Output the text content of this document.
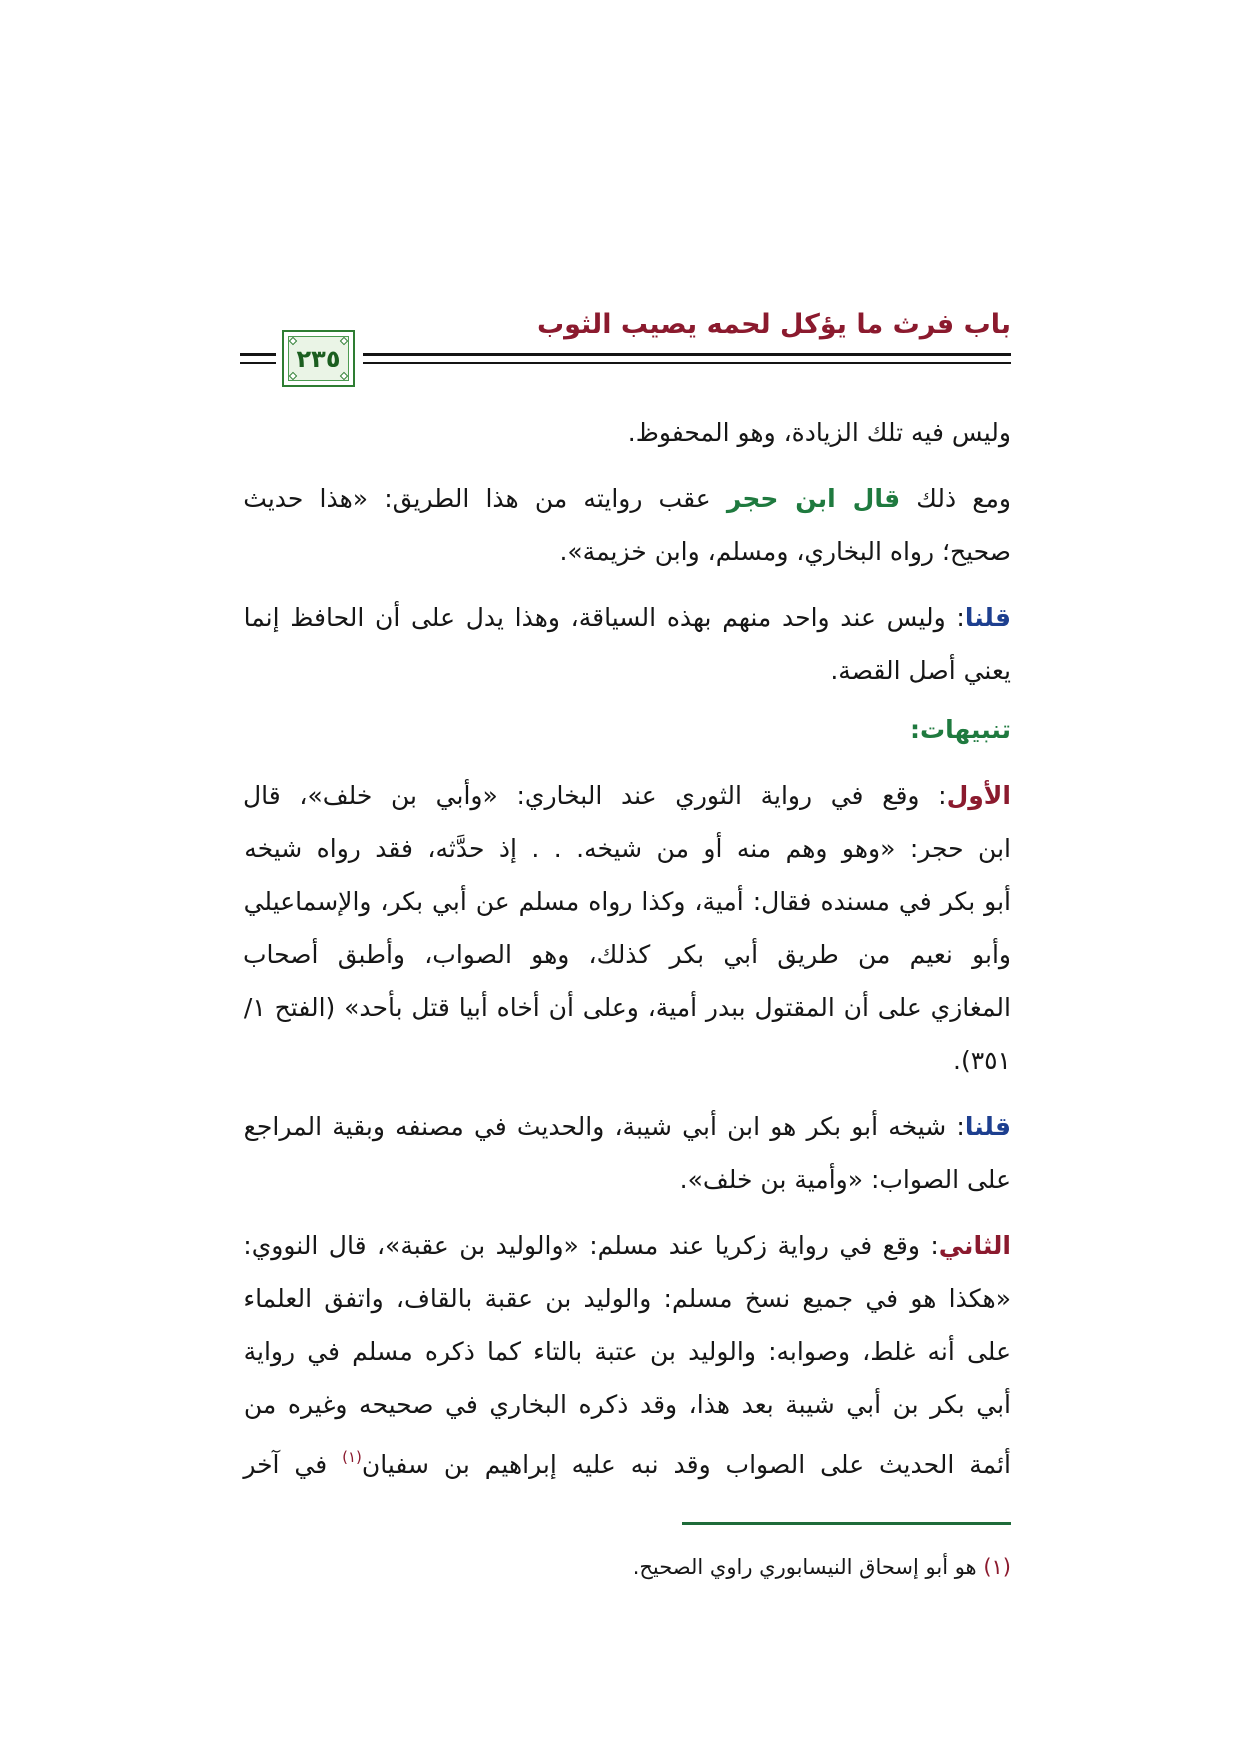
باب فرث ما يؤكل لحمه يصيب الثوب
٢٣٥
وليس فيه تلك الزيادة، وهو المحفوظ.
ومع ذلك قال ابن حجر عقب روايته من هذا الطريق: «هذا حديث
صحيح؛ رواه البخاري، ومسلم، وابن خزيمة».
قلنا: وليس عند واحد منهم بهذه السياقة، وهذا يدل على أن الحافظ إنما
يعني أصل القصة.
تنبيهات:
الأول: وقع في رواية الثوري عند البخاري: «وأبي بن خلف»، قال
ابن حجر: «وهو وهم منه أو من شيخه. . . إذ حدَّثه، فقد رواه شيخه
أبو بكر في مسنده فقال: أمية، وكذا رواه مسلم عن أبي بكر، والإسماعيلي
وأبو نعيم من طريق أبي بكر كذلك، وهو الصواب، وأطبق أصحاب
المغازي على أن المقتول ببدر أمية، وعلى أن أخاه أبيا قتل بأحد» (الفتح ١/
٣٥١).
قلنا: شيخه أبو بكر هو ابن أبي شيبة، والحديث في مصنفه وبقية المراجع
على الصواب: «وأمية بن خلف».
الثاني: وقع في رواية زكريا عند مسلم: «والوليد بن عقبة»، قال النووي:
«هكذا هو في جميع نسخ مسلم: والوليد بن عقبة بالقاف، واتفق العلماء
على أنه غلط، وصوابه: والوليد بن عتبة بالتاء كما ذكره مسلم في رواية
أبي بكر بن أبي شيبة بعد هذا، وقد ذكره البخاري في صحيحه وغيره من
أئمة الحديث على الصواب وقد نبه عليه إبراهيم بن سفيان$^{(١)}$ في آخر
(١) هو أبو إسحاق النيسابوري راوي الصحيح.
